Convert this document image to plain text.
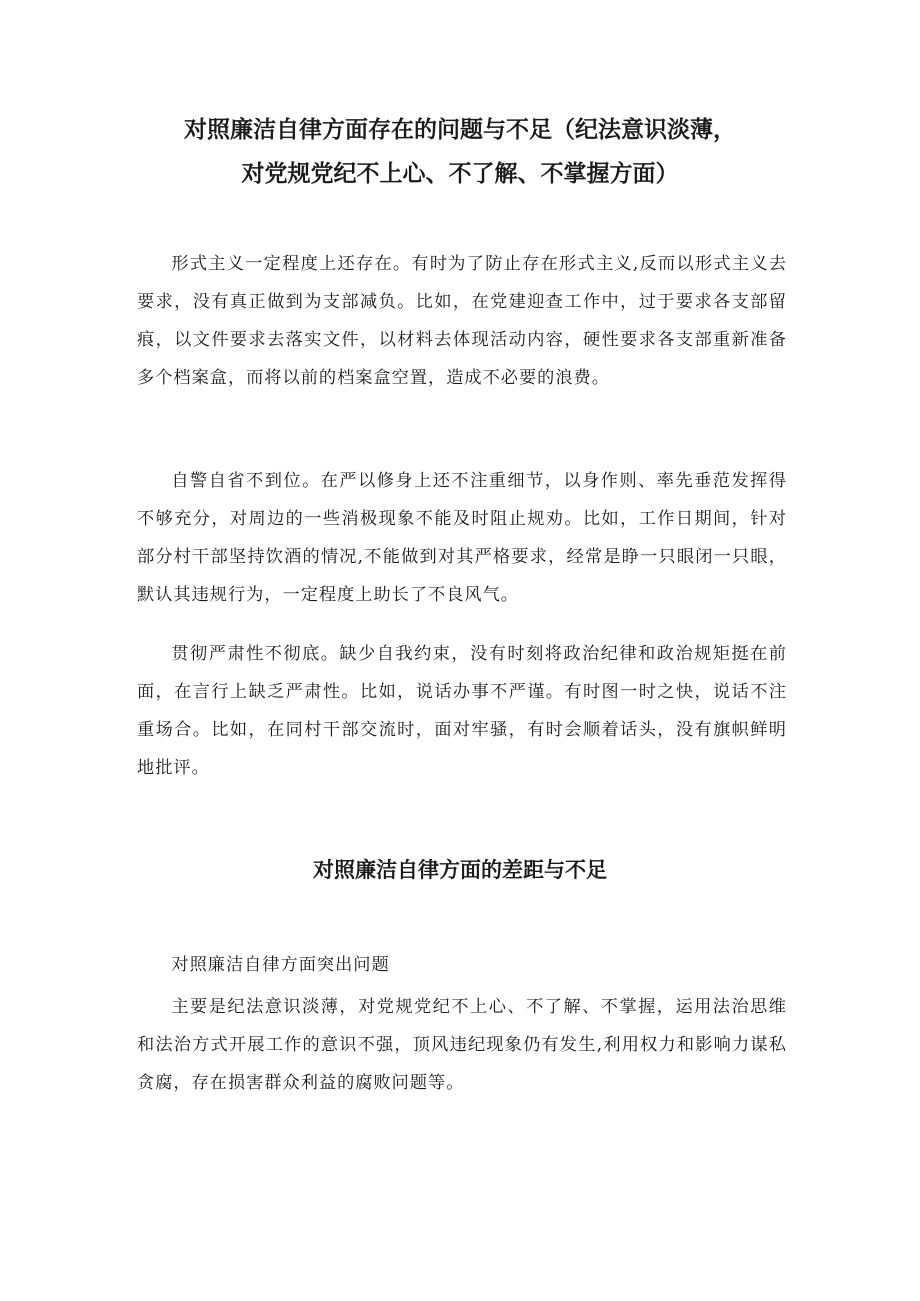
对照廉洁自律方面存在的问题与不足（纪法意识淡薄，
对党规党纪不上心、不了解、不掌握方面）

形式主义一定程度上还存在。有时为了防止存在形式主义,反而以形式主义去要求，没有真正做到为支部减负。比如，在党建迎查工作中，过于要求各支部留痕，以文件要求去落实文件，以材料去体现活动内容，硬性要求各支部重新准备多个档案盒，而将以前的档案盒空置，造成不必要的浪费。

自警自省不到位。在严以修身上还不注重细节，以身作则、率先垂范发挥得不够充分，对周边的一些消极现象不能及时阻止规劝。比如，工作日期间，针对部分村干部坚持饮酒的情况,不能做到对其严格要求，经常是睁一只眼闭一只眼，默认其违规行为，一定程度上助长了不良风气。

贯彻严肃性不彻底。缺少自我约束，没有时刻将政治纪律和政治规矩挺在前面，在言行上缺乏严肃性。比如，说话办事不严谨。有时图一时之快，说话不注重场合。比如，在同村干部交流时，面对牢骚，有时会顺着话头，没有旗帜鲜明地批评。

对照廉洁自律方面的差距与不足

对照廉洁自律方面突出问题

主要是纪法意识淡薄，对党规党纪不上心、不了解、不掌握，运用法治思维和法治方式开展工作的意识不强，顶风违纪现象仍有发生,利用权力和影响力谋私贪腐，存在损害群众利益的腐败问题等。
